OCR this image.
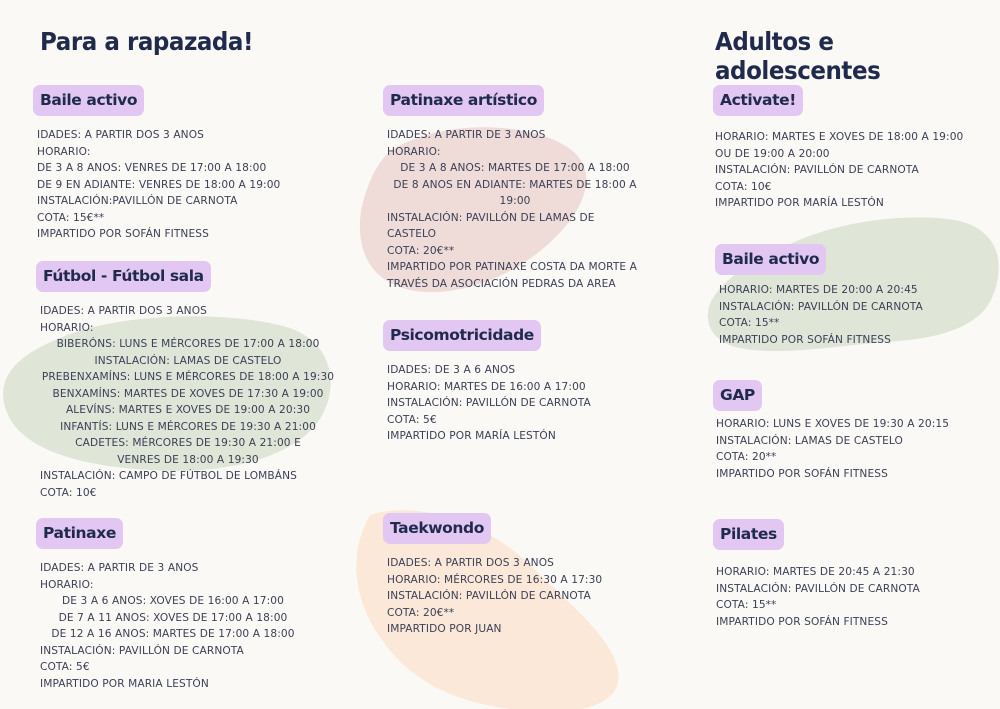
Para a rapazada!	Adultos e adolescentes
Baile activo
IDADES: A PARTIR DOS 3 ANOS
HORARIO:
DE 3 A 8 ANOS: VENRES DE 17:00 A 18:00
DE 9 EN ADIANTE: VENRES DE 18:00 A 19:00
INSTALACIÓN:PAVILLÓN DE CARNOTA
COTA: 15€**
IMPARTIDO POR SOFÁN FITNESS
Fútbol - Fútbol sala
IDADES: A PARTIR DOS 3 ANOS
HORARIO:
BIBERÓNS: LUNS E MÉRCORES DE 17:00 A 18:00
INSTALACIÓN: LAMAS DE CASTELO
PREBENXAMÍNS: LUNS E MÉRCORES DE 18:00 A 19:30
BENXAMÍNS: MARTES DE XOVES DE 17:30 A 19:00
ALEVÍNS: MARTES E XOVES DE 19:00 A 20:30
INFANTÍS: LUNS E MÉRCORES DE 19:30 A 21:00
CADETES: MÉRCORES DE 19:30 A 21:00 E
VENRES DE 18:00 A 19:30
INSTALACIÓN: CAMPO DE FÚTBOL DE LOMBÁNS
COTA: 10€
Patinaxe
IDADES: A PARTIR DE 3 ANOS
HORARIO:
DE 3 A 6 ANOS: XOVES DE 16:00 A 17:00
DE 7 A 11 ANOS: XOVES DE 17:00 A 18:00
DE 12 A 16 ANOS: MARTES DE 17:00 A 18:00
INSTALACIÓN: PAVILLÓN DE CARNOTA
COTA: 5€
IMPARTIDO POR MARIA LESTÓN
Patinaxe artístico
IDADES: A PARTIR DE 3 ANOS
HORARIO:
DE 3 A 8 ANOS: MARTES DE 17:00 A 18:00
DE 8 ANOS EN ADIANTE: MARTES DE 18:00 A
19:00
INSTALACIÓN: PAVILLÓN DE LAMAS DE
CASTELO
COTA: 20€**
IMPARTIDO POR PATINAXE COSTA DA MORTE A
TRAVÉS DA ASOCIACIÓN PEDRAS DA AREA
Psicomotricidade
IDADES: DE 3 A 6 ANOS
HORARIO: MARTES DE 16:00 A 17:00
INSTALACIÓN: PAVILLÓN DE CARNOTA
COTA: 5€
IMPARTIDO POR MARÍA LESTÓN
Taekwondo
IDADES: A PARTIR DOS 3 ANOS
HORARIO: MÉRCORES DE 16:30 A 17:30
INSTALACIÓN: PAVILLÓN DE CARNOTA
COTA: 20€**
IMPARTIDO POR JUAN
Activate!
HORARIO: MARTES E XOVES DE 18:00 A 19:00
OU DE 19:00 A 20:00
INSTALACIÓN: PAVILLÓN DE CARNOTA
COTA: 10€
IMPARTIDO POR MARÍA LESTÓN
Baile activo
HORARIO: MARTES DE 20:00 A 20:45
INSTALACIÓN: PAVILLÓN DE CARNOTA
COTA: 15**
IMPARTIDO POR SOFÁN FITNESS
GAP
HORARIO: LUNS E XOVES DE 19:30 A 20:15
INSTALACIÓN: LAMAS DE CASTELO
COTA: 20**
IMPARTIDO POR SOFÁN FITNESS
Pilates
HORARIO: MARTES DE 20:45 A 21:30
INSTALACIÓN: PAVILLÓN DE CARNOTA
COTA: 15**
IMPARTIDO POR SOFÁN FITNESS
